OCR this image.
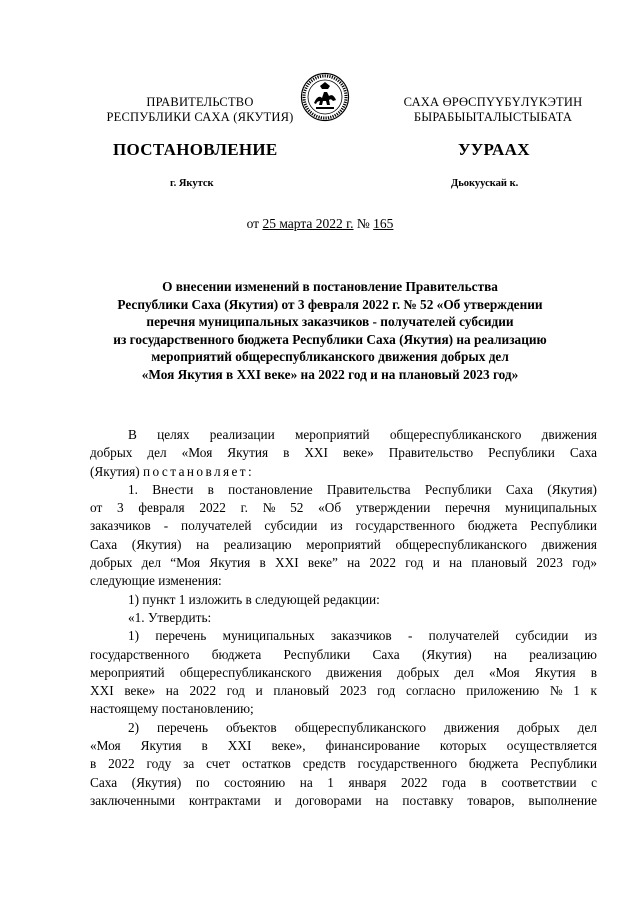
ПРАВИТЕЛЬСТВО
РЕСПУБЛИКИ САХА (ЯКУТИЯ)
САХА ӨРӨСПҮҮБҮЛҮКЭТИН
БЫРАБЫЫТАЛЫСТЫБАТА
ПОСТАНОВЛЕНИЕ	УУРААХ
г. Якутск	Дьокуускай к.
от 25 марта 2022 г. № 165
О внесении изменений в постановление Правительства
Республики Саха (Якутия) от 3 февраля 2022 г. № 52 «Об утверждении
перечня муниципальных заказчиков - получателей субсидии
из государственного бюджета Республики Саха (Якутия) на реализацию
мероприятий общереспубликанского движения добрых дел
«Моя Якутия в XXI веке» на 2022 год и на плановый 2023 год»
В целях реализации мероприятий общереспубликанского движения
добрых дел «Моя Якутия в XXI веке» Правительство Республики Саха
(Якутия) постановляет:
1. Внести в постановление Правительства Республики Саха (Якутия)
от 3 февраля 2022 г. № 52 «Об утверждении перечня муниципальных
заказчиков - получателей субсидии из государственного бюджета Республики
Саха (Якутия) на реализацию мероприятий общереспубликанского движения
добрых дел “Моя Якутия в XXI веке” на 2022 год и на плановый 2023 год»
следующие изменения:
1) пункт 1 изложить в следующей редакции:
«1. Утвердить:
1) перечень муниципальных заказчиков - получателей субсидии из
государственного бюджета Республики Саха (Якутия) на реализацию
мероприятий общереспубликанского движения добрых дел «Моя Якутия в
XXI веке» на 2022 год и плановый 2023 год согласно приложению № 1 к
настоящему постановлению;
2) перечень объектов общереспубликанского движения добрых дел
«Моя Якутия в XXI веке», финансирование которых осуществляется
в 2022 году за счет остатков средств государственного бюджета Республики
Саха (Якутия) по состоянию на 1 января 2022 года в соответствии с
заключенными контрактами и договорами на поставку товаров, выполнение
